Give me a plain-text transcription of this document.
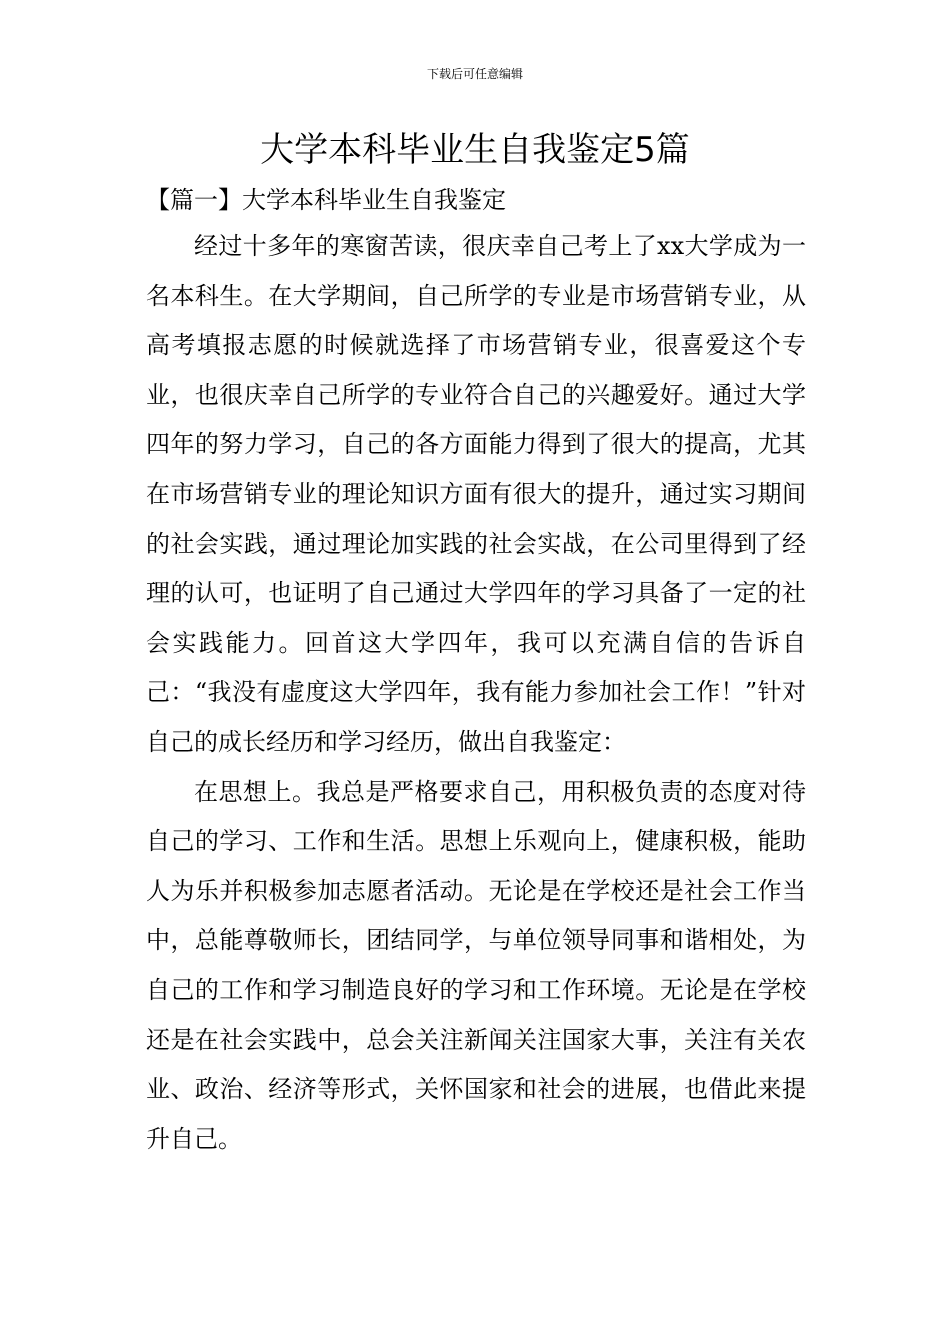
下载后可任意编辑
大学本科毕业生自我鉴定5篇
【篇一】大学本科毕业生自我鉴定

经过十多年的寒窗苦读，很庆幸自己考上了xx大学成为一名本科生。在大学期间，自己所学的专业是市场营销专业，从高考填报志愿的时候就选择了市场营销专业，很喜爱这个专业，也很庆幸自己所学的专业符合自己的兴趣爱好。通过大学四年的努力学习，自己的各方面能力得到了很大的提高，尤其在市场营销专业的理论知识方面有很大的提升，通过实习期间的社会实践，通过理论加实践的社会实战，在公司里得到了经理的认可，也证明了自己通过大学四年的学习具备了一定的社会实践能力。回首这大学四年，我可以充满自信的告诉自己：“我没有虚度这大学四年，我有能力参加社会工作！”针对自己的成长经历和学习经历，做出自我鉴定：

在思想上。我总是严格要求自己，用积极负责的态度对待自己的学习、工作和生活。思想上乐观向上，健康积极，能助人为乐并积极参加志愿者活动。无论是在学校还是社会工作当中，总能尊敬师长，团结同学，与单位领导同事和谐相处，为自己的工作和学习制造良好的学习和工作环境。无论是在学校还是在社会实践中，总会关注新闻关注国家大事，关注有关农业、政治、经济等形式，关怀国家和社会的进展，也借此来提升自己。
